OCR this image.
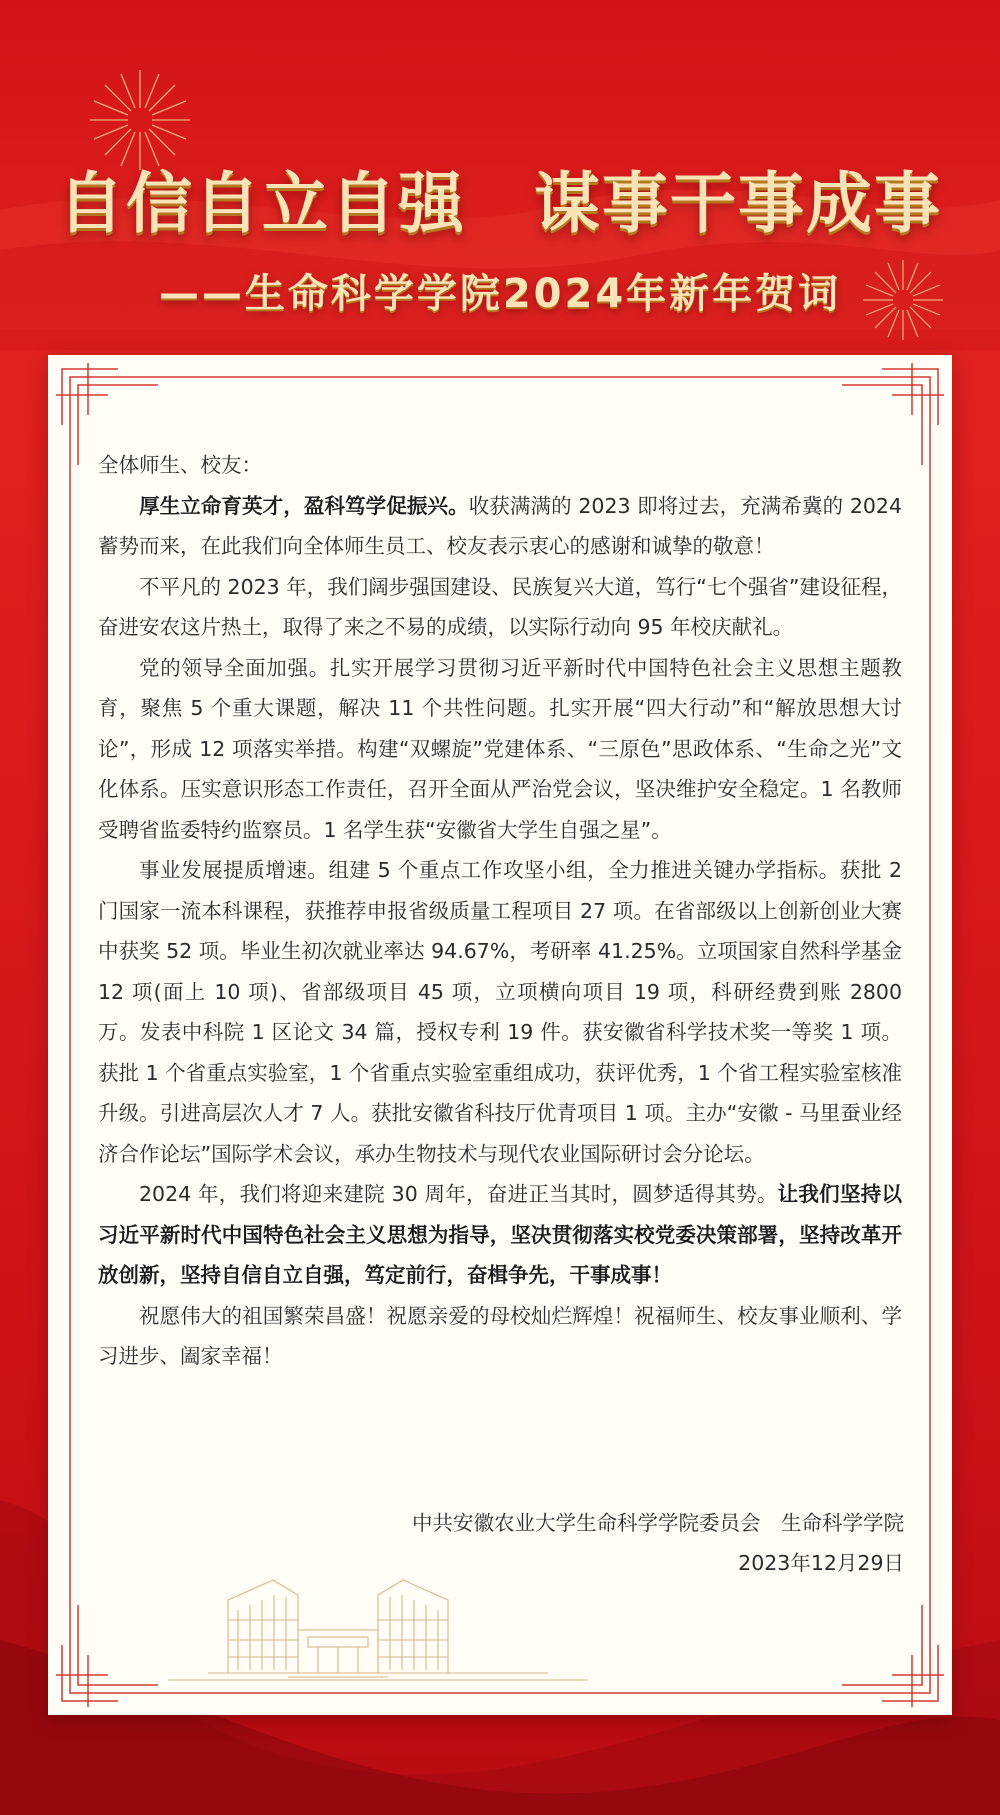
自信自立自强　谋事干事成事
——生命科学学院2024年新年贺词

全体师生、校友：

厚生立命育英才，盈科笃学促振兴。收获满满的 2023 即将过去，充满希冀的 2024 蓄势而来，在此我们向全体师生员工、校友表示衷心的感谢和诚挚的敬意！

不平凡的 2023 年，我们阔步强国建设、民族复兴大道，笃行“七个强省”建设征程，奋进安农这片热土，取得了来之不易的成绩，以实际行动向 95 年校庆献礼。

党的领导全面加强。扎实开展学习贯彻习近平新时代中国特色社会主义思想主题教育，聚焦 5 个重大课题，解决 11 个共性问题。扎实开展“四大行动”和“解放思想大讨论”，形成 12 项落实举措。构建“双螺旋”党建体系、“三原色”思政体系、“生命之光”文化体系。压实意识形态工作责任，召开全面从严治党会议，坚决维护安全稳定。1 名教师受聘省监委特约监察员。1 名学生获“安徽省大学生自强之星”。

事业发展提质增速。组建 5 个重点工作攻坚小组，全力推进关键办学指标。获批 2 门国家一流本科课程，获推荐申报省级质量工程项目 27 项。在省部级以上创新创业大赛中获奖 52 项。毕业生初次就业率达 94.67%，考研率 41.25%。立项国家自然科学基金 12 项(面上 10 项)、省部级项目 45 项，立项横向项目 19 项，科研经费到账 2800 万。发表中科院 1 区论文 34 篇，授权专利 19 件。获安徽省科学技术奖一等奖 1 项。获批 1 个省重点实验室，1 个省重点实验室重组成功，获评优秀，1 个省工程实验室核准升级。引进高层次人才 7 人。获批安徽省科技厅优青项目 1 项。主办“安徽 - 马里蚕业经济合作论坛”国际学术会议，承办生物技术与现代农业国际研讨会分论坛。

2024 年，我们将迎来建院 30 周年，奋进正当其时，圆梦适得其势。让我们坚持以习近平新时代中国特色社会主义思想为指导，坚决贯彻落实校党委决策部署，坚持改革开放创新，坚持自信自立自强，笃定前行，奋楫争先，干事成事！

祝愿伟大的祖国繁荣昌盛！祝愿亲爱的母校灿烂辉煌！祝福师生、校友事业顺利、学习进步、阖家幸福！

中共安徽农业大学生命科学学院委员会　生命科学学院
2023年12月29日
